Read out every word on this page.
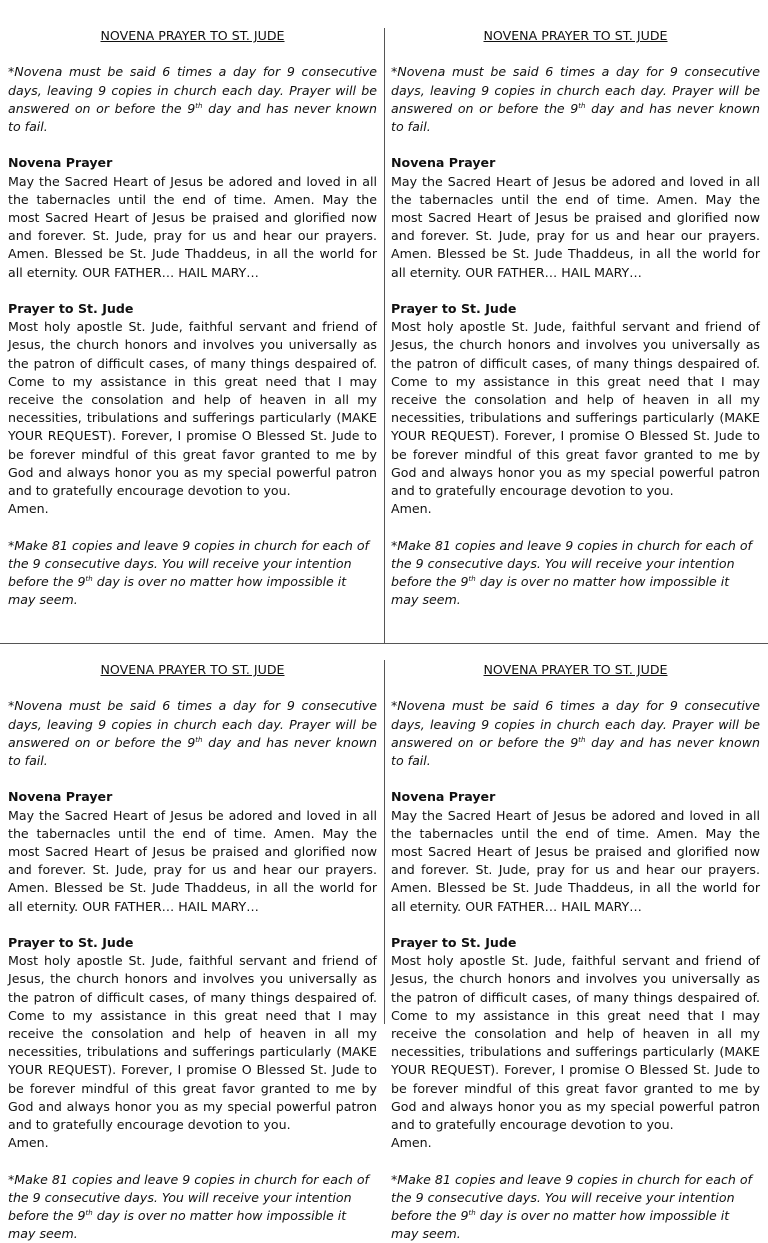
NOVENA PRAYER TO ST. JUDE

*Novena must be said 6 times a day for 9 consecutive days, leaving 9 copies in church each day. Prayer will be answered on or before the 9th day and has never known to fail.

Novena Prayer

May the Sacred Heart of Jesus be adored and loved in all the tabernacles until the end of time. Amen. May the most Sacred Heart of Jesus be praised and glorified now and forever. St. Jude, pray for us and hear our prayers. Amen. Blessed be St. Jude Thaddeus, in all the world for all eternity. OUR FATHER… HAIL MARY…

Prayer to St. Jude

Most holy apostle St. Jude, faithful servant and friend of Jesus, the church honors and involves you universally as the patron of difficult cases, of many things despaired of. Come to my assistance in this great need that I may receive the consolation and help of heaven in all my necessities, tribulations and sufferings particularly (MAKE YOUR REQUEST). Forever, I promise O Blessed St. Jude to be forever mindful of this great favor granted to me by God and always honor you as my special powerful patron and to gratefully encourage devotion to you.

Amen.

*Make 81 copies and leave 9 copies in church for each of the 9 consecutive days. You will receive your intention before the 9th day is over no matter how impossible it may seem.

NOVENA PRAYER TO ST. JUDE

*Novena must be said 6 times a day for 9 consecutive days, leaving 9 copies in church each day. Prayer will be answered on or before the 9th day and has never known to fail.

Novena Prayer

May the Sacred Heart of Jesus be adored and loved in all the tabernacles until the end of time. Amen. May the most Sacred Heart of Jesus be praised and glorified now and forever. St. Jude, pray for us and hear our prayers. Amen. Blessed be St. Jude Thaddeus, in all the world for all eternity. OUR FATHER… HAIL MARY…

Prayer to St. Jude

Most holy apostle St. Jude, faithful servant and friend of Jesus, the church honors and involves you universally as the patron of difficult cases, of many things despaired of. Come to my assistance in this great need that I may receive the consolation and help of heaven in all my necessities, tribulations and sufferings particularly (MAKE YOUR REQUEST). Forever, I promise O Blessed St. Jude to be forever mindful of this great favor granted to me by God and always honor you as my special powerful patron and to gratefully encourage devotion to you.

Amen.

*Make 81 copies and leave 9 copies in church for each of the 9 consecutive days. You will receive your intention before the 9th day is over no matter how impossible it may seem.

NOVENA PRAYER TO ST. JUDE

*Novena must be said 6 times a day for 9 consecutive days, leaving 9 copies in church each day. Prayer will be answered on or before the 9th day and has never known to fail.

Novena Prayer

May the Sacred Heart of Jesus be adored and loved in all the tabernacles until the end of time. Amen. May the most Sacred Heart of Jesus be praised and glorified now and forever. St. Jude, pray for us and hear our prayers. Amen. Blessed be St. Jude Thaddeus, in all the world for all eternity. OUR FATHER… HAIL MARY…

Prayer to St. Jude

Most holy apostle St. Jude, faithful servant and friend of Jesus, the church honors and involves you universally as the patron of difficult cases, of many things despaired of. Come to my assistance in this great need that I may receive the consolation and help of heaven in all my necessities, tribulations and sufferings particularly (MAKE YOUR REQUEST). Forever, I promise O Blessed St. Jude to be forever mindful of this great favor granted to me by God and always honor you as my special powerful patron and to gratefully encourage devotion to you.

Amen.

*Make 81 copies and leave 9 copies in church for each of the 9 consecutive days. You will receive your intention before the 9th day is over no matter how impossible it may seem.

NOVENA PRAYER TO ST. JUDE

*Novena must be said 6 times a day for 9 consecutive days, leaving 9 copies in church each day. Prayer will be answered on or before the 9th day and has never known to fail.

Novena Prayer

May the Sacred Heart of Jesus be adored and loved in all the tabernacles until the end of time. Amen. May the most Sacred Heart of Jesus be praised and glorified now and forever. St. Jude, pray for us and hear our prayers. Amen. Blessed be St. Jude Thaddeus, in all the world for all eternity. OUR FATHER… HAIL MARY…

Prayer to St. Jude

Most holy apostle St. Jude, faithful servant and friend of Jesus, the church honors and involves you universally as the patron of difficult cases, of many things despaired of. Come to my assistance in this great need that I may receive the consolation and help of heaven in all my necessities, tribulations and sufferings particularly (MAKE YOUR REQUEST). Forever, I promise O Blessed St. Jude to be forever mindful of this great favor granted to me by God and always honor you as my special powerful patron and to gratefully encourage devotion to you.

Amen.

*Make 81 copies and leave 9 copies in church for each of the 9 consecutive days. You will receive your intention before the 9th day is over no matter how impossible it may seem.
